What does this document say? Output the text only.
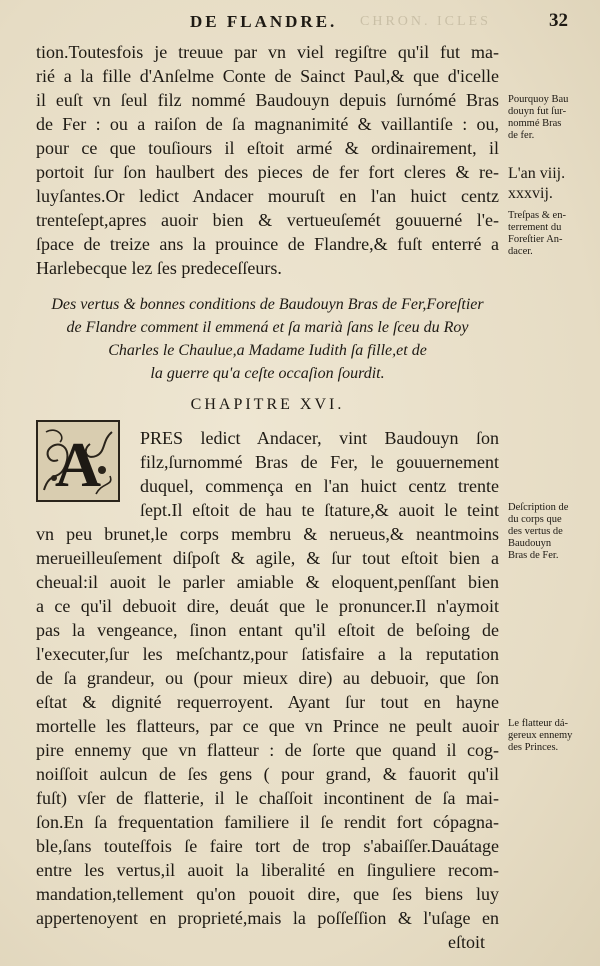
DE FLANDRE. CHRON. ICLES	32
tion.Toutesfois je treuue par vn viel regiſtre qu'il fut ma-
rié a la fille d'Anſelme Conte de Sainct Paul,& que d'icelle
il euſt vn ſeul filz nommé Baudouyn depuis ſurnómé Bras
de Fer : ou a raiſon de ſa magnanimité & vaillantiſe : ou,
pour ce que touſiours il eſtoit armé & ordinairement, il
portoit ſur ſon haulbert des pieces de fer fort cleres & re-
luyſantes.Or ledict Andacer mouruſt en l'an huict centz
trenteſept,apres auoir bien & vertueuſemét gouuerné l'e-
ſpace de treize ans la prouince de Flandre,& fuſt enterré a
Harlebecque lez ſes predeceſſeurs.
Des vertus & bonnes conditions de Baudouyn Bras de Fer,Foreſtier
de Flandre comment il emmená et ſa marià ſans le ſceu du Roy
Charles le Chaulue,a Madame Iudith ſa fille,et de
la guerre qu'a ceſte occaſion ſourdit.
CHAPITRE XVI.
A PRES ledict Andacer, vint Baudouyn ſon
filz,ſurnommé Bras de Fer, le gouuernement
duquel, commença en l'an huict centz trente
ſept.Il eſtoit de hau te ſtature,& auoit le teint
vn peu brunet,le corps membru & nerueus,& neantmoins
merueilleuſement diſpoſt & agile, & ſur tout eſtoit bien a
cheual:il auoit le parler amiable & eloquent,penſſant bien
a ce qu'il debuoit dire, deuát que le pronuncer.Il n'aymoit
pas la vengeance, ſinon entant qu'il eſtoit de beſoing de
l'executer,ſur les meſchantz,pour ſatisfaire a la reputation
de ſa grandeur, ou (pour mieux dire) au debuoir, que ſon
eſtat & dignité requerroyent. Ayant ſur tout en hayne
mortelle les flatteurs, par ce que vn Prince ne peult auoir
pire ennemy que vn flatteur : de ſorte que quand il cog-
noiſſoit aulcun de ſes gens ( pour grand, & fauorit qu'il
fuſt) vſer de flatterie, il le chaſſoit incontinent de ſa mai-
ſon.En ſa frequentation familiere il ſe rendit fort cópagna-
ble,ſans touteſfois ſe faire tort de trop s'abaiſſer.Dauátage
entre les vertus,il auoit la liberalité en ſinguliere recom-
mandation,tellement qu'on pouoit dire, que ſes biens luy
appertenoyent en proprieté,mais la poſſeſſion & l'uſage en
eſtoit
Pourquoy Bau
douyn fut ſur-
nommé Bras
de fer.
L'an viij.
xxxvij.
Treſpas & en-
terrement du
Foreſtier An-
dacer.
Deſcription de
du corps que
des vertus de
Baudouyn
Bras de Fer.
Le flatteur dá-
gereux ennemy
des Princes.
